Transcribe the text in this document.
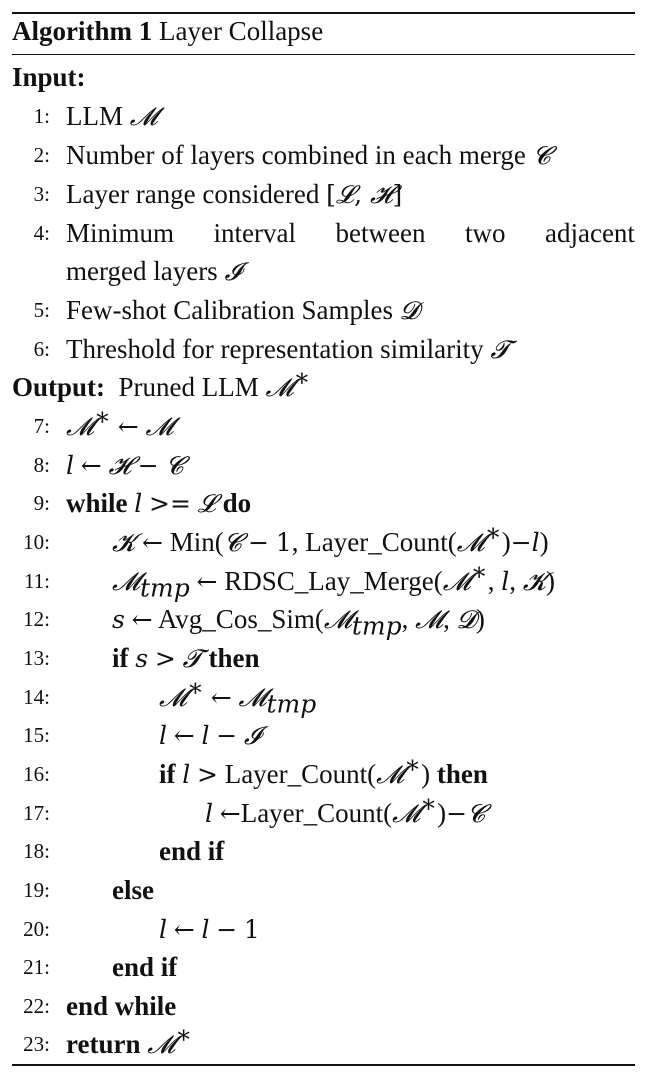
Algorithm 1 Layer Collapse
Input:
1: LLM 𝓜
2: Number of layers combined in each merge 𝓒
3: Layer range considered [𝓛, 𝓗]
4: Minimum interval between two adjacent
merged layers 𝓘
5: Few-shot Calibration Samples 𝓓
6: Threshold for representation similarity 𝓣
Output: Pruned LLM 𝓜∗
7: 𝓜∗ ← 𝓜
8: l ← 𝓗 − 𝓒
9: while l >= 𝓛 do
10: 𝓚 ← Min(𝓒 − 1, Layer_Count(𝓜∗)−l)
11: 𝓜$_{tmp}$ ← RDSC_Lay_Merge(𝓜∗, l, 𝓚)
12: s ← Avg_Cos_Sim(𝓜$_{tmp}$, 𝓜, 𝓓)
13: if s > 𝓣 then
14:	𝓜∗ ← 𝓜$_{tmp}$
15:	l ← l − 𝓘
16:	if l > Layer_Count(𝓜∗) then
17:	l ←Layer_Count(𝓜∗)−𝓒
18:	end if
19: else
20:	l ← l − 1
21: end if
22: end while
23: return 𝓜∗
